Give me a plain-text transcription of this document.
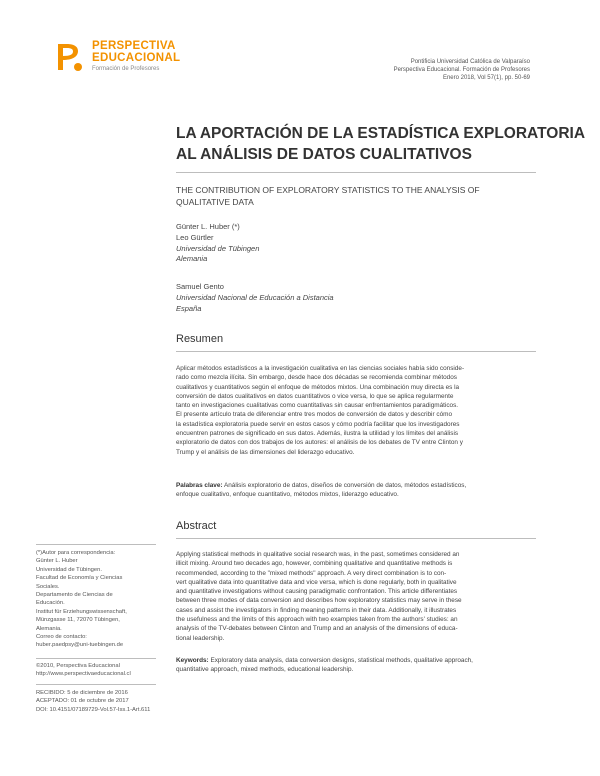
PERSPECTIVA
EDUCACIONAL
Formación de Profesores
Pontificia Universidad Católica de Valparaíso
Perspectiva Educacional. Formación de Profesores
Enero 2018, Vol 57(1), pp. 50-69
LA APORTACIÓN DE LA ESTADÍSTICA EXPLORATORIA
AL ANÁLISIS DE DATOS CUALITATIVOS
THE CONTRIBUTION OF EXPLORATORY STATISTICS TO THE ANALYSIS OF
QUALITATIVE DATA
Günter L. Huber (*)
Leo Gürtler
Universidad de Tübingen
Alemania
Samuel Gento
Universidad Nacional de Educación a Distancia
España
Resumen
Aplicar métodos estadísticos a la investigación cualitativa en las ciencias sociales había sido conside-
rado como mezcla ilícita. Sin embargo, desde hace dos décadas se recomienda combinar métodos
cualitativos y cuantitativos según el enfoque de métodos mixtos. Una combinación muy directa es la
conversión de datos cualitativos en datos cuantitativos o vice versa, lo que se aplica regularmente
tanto en investigaciones cualitativas como cuantitativas sin causar enfrentamientos paradigmáticos.
El presente artículo trata de diferenciar entre tres modos de conversión de datos y describir cómo
la estadística exploratoria puede servir en estos casos y cómo podría facilitar que los investigadores
encuentren patrones de significado en sus datos. Además, ilustra la utilidad y los límites del análisis
exploratorio de datos con dos trabajos de los autores: el análisis de los debates de TV entre Clinton y
Trump y el análisis de las dimensiones del liderazgo educativo.
Palabras clave: Análisis exploratorio de datos, diseños de conversión de datos, métodos estadísticos,
enfoque cualitativo, enfoque cuantitativo, métodos mixtos, liderazgo educativo.
Abstract
Applying statistical methods in qualitative social research was, in the past, sometimes considered an
illicit mixing. Around two decades ago, however, combining qualitative and quantitative methods is
recommended, according to the "mixed methods" approach. A very direct combination is to con-
vert qualitative data into quantitative data and vice versa, which is done regularly, both in qualitative
and quantitative investigations without causing paradigmatic confrontation. This article differentiates
between three modes of data conversion and describes how exploratory statistics may serve in these
cases and assist the investigators in finding meaning patterns in their data. Additionally, it illustrates
the usefulness and the limits of this approach with two examples taken from the authors' studies: an
analysis of the TV-debates between Clinton and Trump and an analysis of the dimensions of educa-
tional leadership.
Keywords: Exploratory data analysis, data conversion designs, statistical methods, qualitative approach,
quantitative approach, mixed methods, educational leadership.
(*)Autor para correspondencia:
Günter L. Huber
Universidad de Tübingen.
Facultad de Economía y Ciencias
Sociales.
Departamento de Ciencias de
Educación.
Institut für Erziehungswissenschaft,
Münzgasse 11, 72070 Tübingen,
Alemania.
Correo de contacto:
huber.paedpsy@uni-tuebingen.de
©2010, Perspectiva Educacional
http://www.perspectivaeducacional.cl
RECIBIDO: 5 de diciembre de 2016
ACEPTADO: 01 de octubre de 2017
DOI: 10.4151/07189729-Vol.57-Iss.1-Art.611
